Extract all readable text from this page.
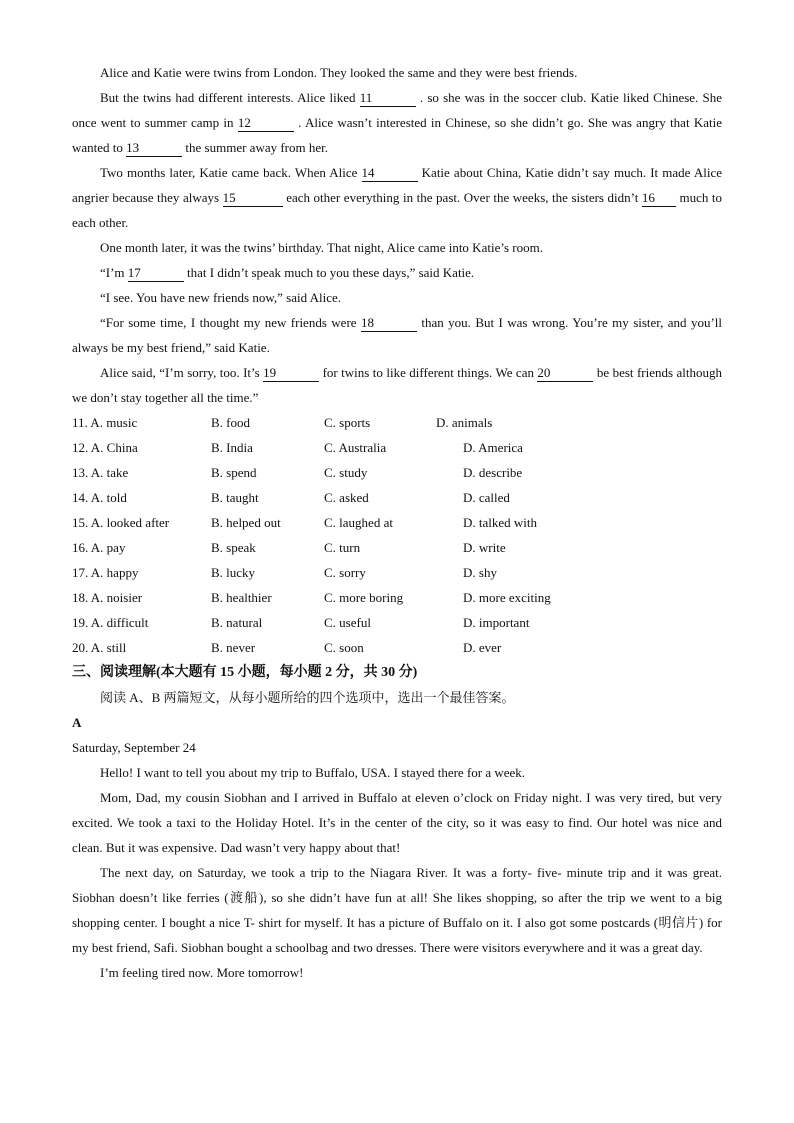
Alice and Katie were twins from London. They looked the same and they were best friends.

But the twins had different interests. Alice liked 11	. so she was in the soccer club. Katie liked Chinese. She once went to summer camp in 12	. Alice wasn’t interested in Chinese, so she didn’t go. She was angry that Katie wanted to 13	the summer away from her.

Two months later, Katie came back. When Alice 14	Katie about China, Katie didn’t say much. It made Alice angrier because they always 15	each other everything in the past. Over the weeks, the sisters didn’t 16 much to each other.

One month later, it was the twins’ birthday. That night, Alice came into Katie’s room.

“I’m 17	that I didn’t speak much to you these days,” said Katie.

“I see. You have new friends now,” said Alice.

“For some time, I thought my new friends were 18	than you. But I was wrong. You’re my sister, and you’ll always be my best friend,” said Katie.

Alice said, “I’m sorry, too. It’s 19	for twins to like different things. We can 20	be best friends although we don’t stay together all the time.”

11. A. music	B. food	C. sports	D. animals
12. A. China	B. India	C. Australia	D. America
13. A. take	B. spend	C. study	D. describe
14. A. told	B. taught	C. asked	D. called
15. A. looked after	B. helped out	C. laughed at	D. talked with
16. A. pay	B. speak	C. turn	D. write
17. A. happy	B. lucky	C. sorry	D. shy
18. A. noisier	B. healthier	C. more boring	D. more exciting
19. A. difficult	B. natural	C. useful	D. important
20. A. still	B. never	C. soon	D. ever

三、阅读理解(本大题有 15 小题，每小题 2 分，共 30 分)

阅读 A、B 两篇短文，从每小题所给的四个选项中，选出一个最佳答案。

A

Saturday, September 24

Hello! I want to tell you about my trip to Buffalo, USA. I stayed there for a week.

Mom, Dad, my cousin Siobhan and I arrived in Buffalo at eleven o’clock on Friday night. I was very tired, but very excited. We took a taxi to the Holiday Hotel. It’s in the center of the city, so it was easy to find. Our hotel was nice and clean. But it was expensive. Dad wasn’t very happy about that!

The next day, on Saturday, we took a trip to the Niagara River. It was a forty- five- minute trip and it was great. Siobhan doesn’t like ferries (渡船), so she didn’t have fun at all! She likes shopping, so after the trip we went to a big shopping center. I bought a nice T- shirt for myself. It has a picture of Buffalo on it. I also got some postcards (明信片) for my best friend, Safi. Siobhan bought a schoolbag and two dresses. There were visitors everywhere and it was a great day.

I’m feeling tired now. More tomorrow!
